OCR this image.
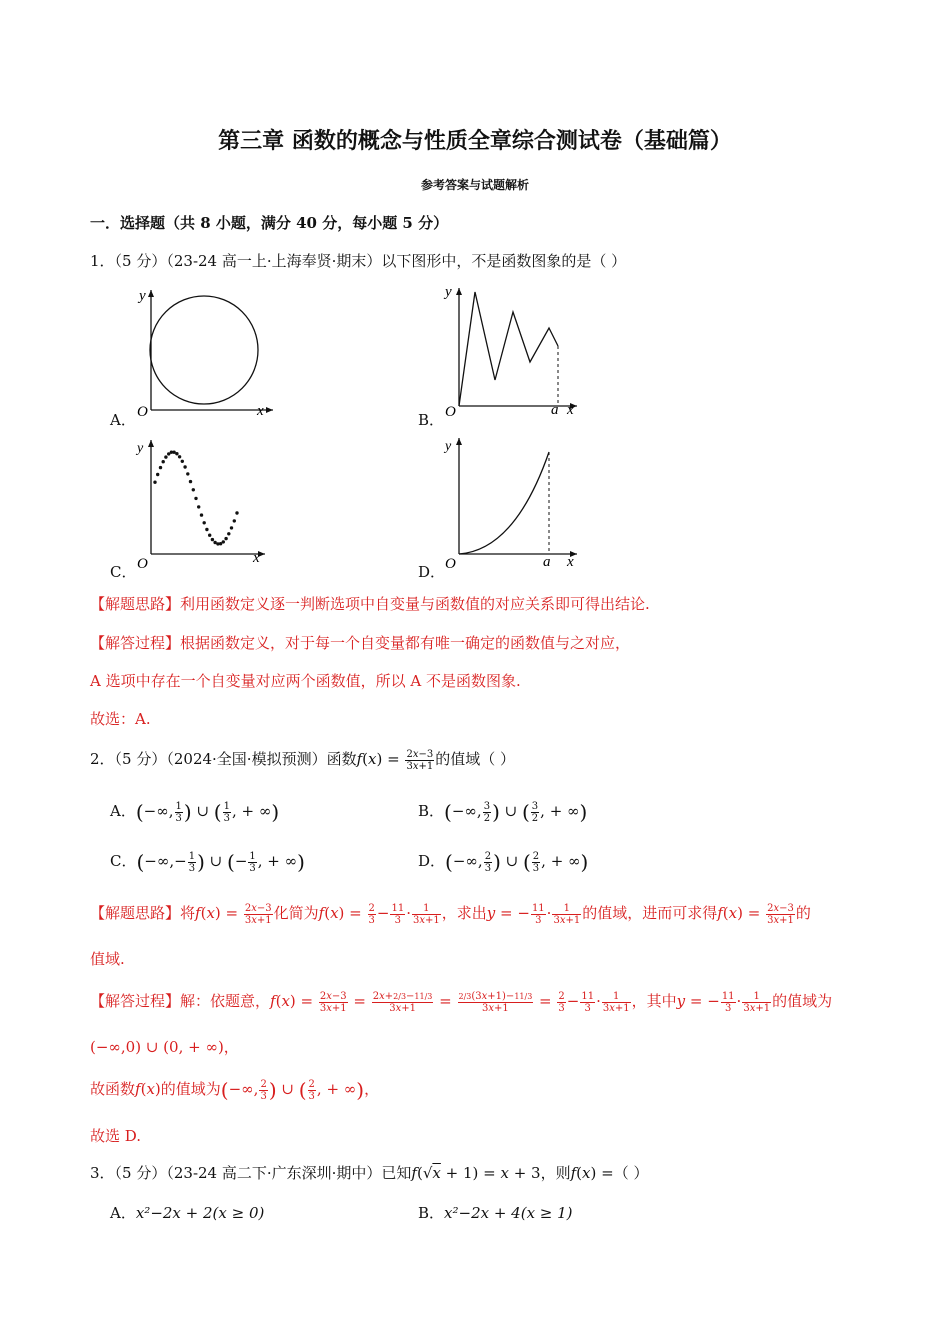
第三章 函数的概念与性质全章综合测试卷（基础篇）
参考答案与试题解析
一．选择题（共 8 小题，满分 40 分，每小题 5 分）
1．（5 分）（23-24 高一上·上海奉贤·期末）以下图形中，不是函数图象的是（ ）
y
x
O
A．
y
x
O	a
B．
y
x
O
C．
y
x
O	a
D．
【解题思路】利用函数定义逐一判断选项中自变量与函数值的对应关系即可得出结论.
【解答过程】根据函数定义，对于每一个自变量都有唯一确定的函数值与之对应，
A 选项中存在一个自变量对应两个函数值，所以 A 不是函数图象.
故选：A.
2．（5 分）（2024·全国·模拟预测）函数$f(x) = \frac{2x-3}{3x+1}$ 的值域（ ）
A．(−∞, $\frac{1}{3}$ ) ∪ ( $\frac{1}{3}$ , + ∞)	B．(−∞, $\frac{3}{2}$ ) ∪ ( $\frac{3}{2}$ , + ∞)
C．(−∞,− $\frac{1}{3}$ ) ∪ (− $\frac{1}{3}$ , + ∞)	D．(−∞, $\frac{2}{3}$ ) ∪ ( $\frac{2}{3}$ , + ∞)
【解题思路】将$f(x) = \frac{2x-3}{3x+1}$ 化简为$f(x) = \frac{2}{3} - \frac{11}{3} \cdot \frac{1}{3x+1}$ ，求出y = − $\frac{11}{3} \cdot \frac{1}{3x+1}$ 的值域，进而可求得$f(x) = \frac{2x-3}{3x+1}$ 的
值域.
【解答过程】解：依题意，$f(x) = \frac{2x-3}{3x+1} = \frac{2x+2/3-11/3}{3x+1} = \frac{2/3(3x+1)-11/3}{3x+1} = \frac{2}{3} - \frac{11}{3} \cdot \frac{1}{3x+1}$ ，其中y = − $\frac{11}{3} \cdot \frac{1}{3x+1}$ 的值域为
(−∞,0) ∪ (0, + ∞)，
故函数f(x)的值域为(−∞, $\frac{2}{3}$ ) ∪ ( $\frac{2}{3}$ , + ∞)，
故选 D.
3．（5 分）（23-24 高二下·广东深圳·期中）已知f(√x + 1) = x + 3，则f(x) =（ ）
A．x²−2x + 2(x ≥ 0)	B．x²−2x + 4(x ≥ 1)
